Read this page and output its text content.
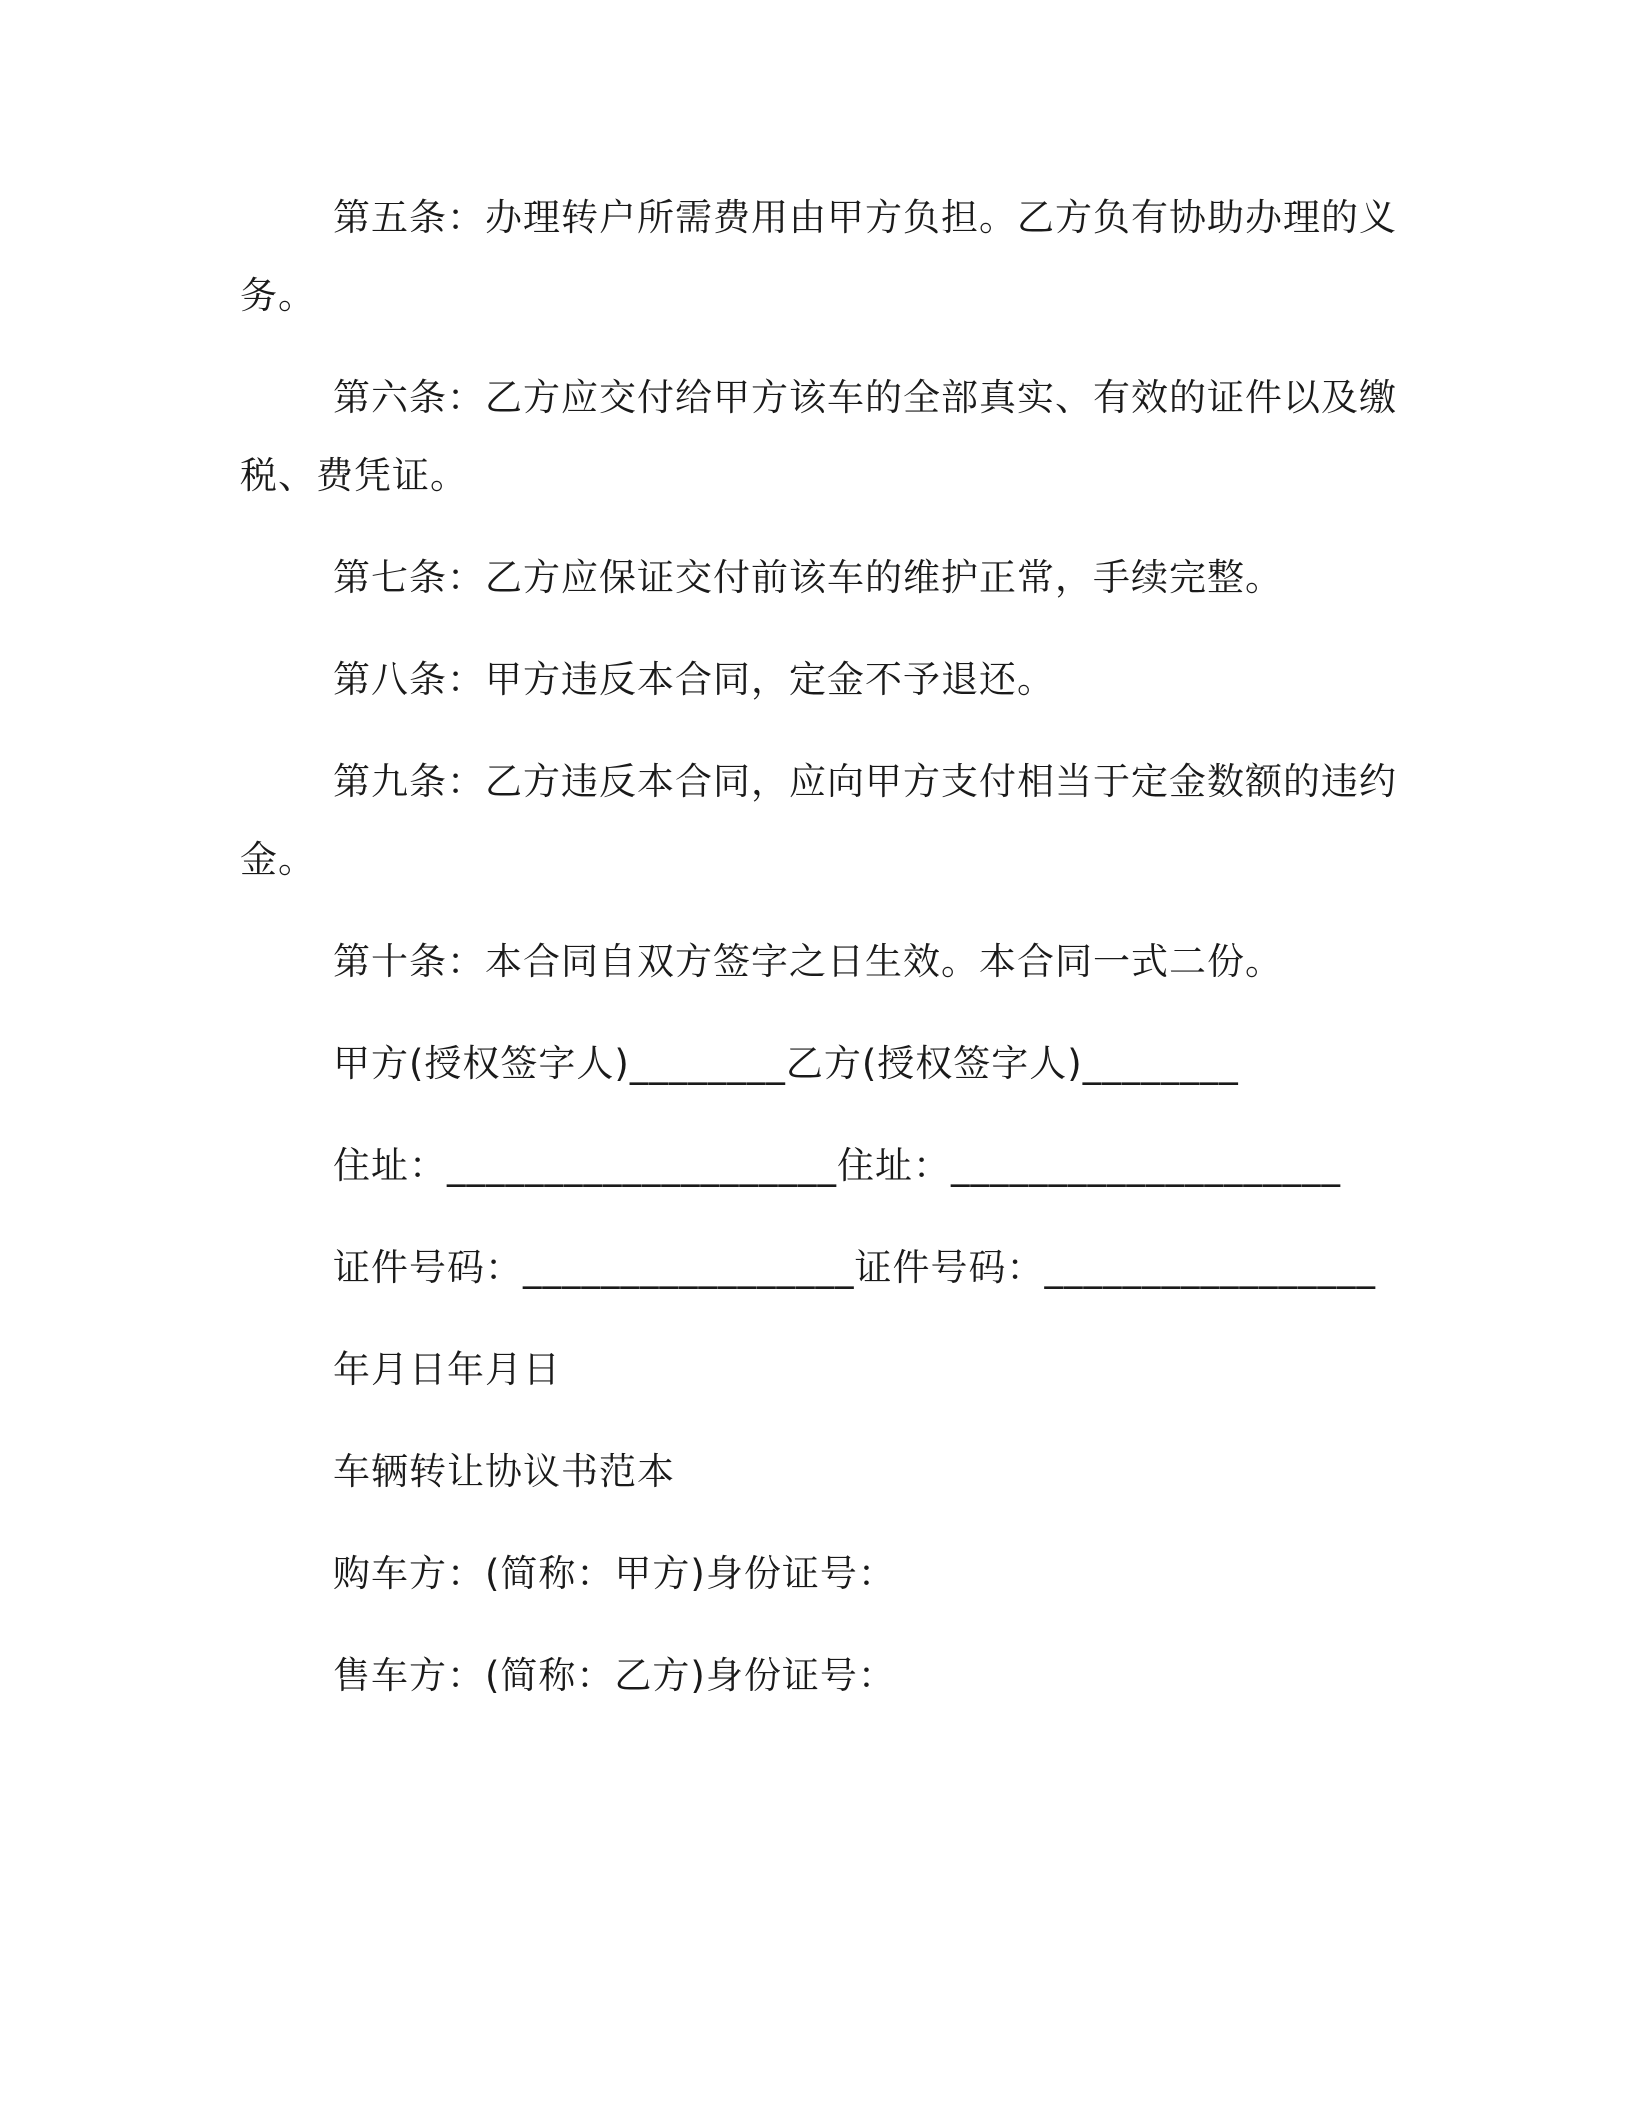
第五条：办理转户所需费用由甲方负担。乙方负有协助办理的义
务。
第六条：乙方应交付给甲方该车的全部真实、有效的证件以及缴
税、费凭证。
第七条：乙方应保证交付前该车的维护正常，手续完整。
第八条：甲方违反本合同，定金不予退还。
第九条：乙方违反本合同，应向甲方支付相当于定金数额的违约
金。
第十条：本合同自双方签字之日生效。本合同一式二份。
甲方(授权签字人)________乙方(授权签字人)________
住址：____________________住址：____________________
证件号码：_________________证件号码：_________________
年月日年月日
车辆转让协议书范本
购车方：(简称：甲方)身份证号：
售车方：(简称：乙方)身份证号：
